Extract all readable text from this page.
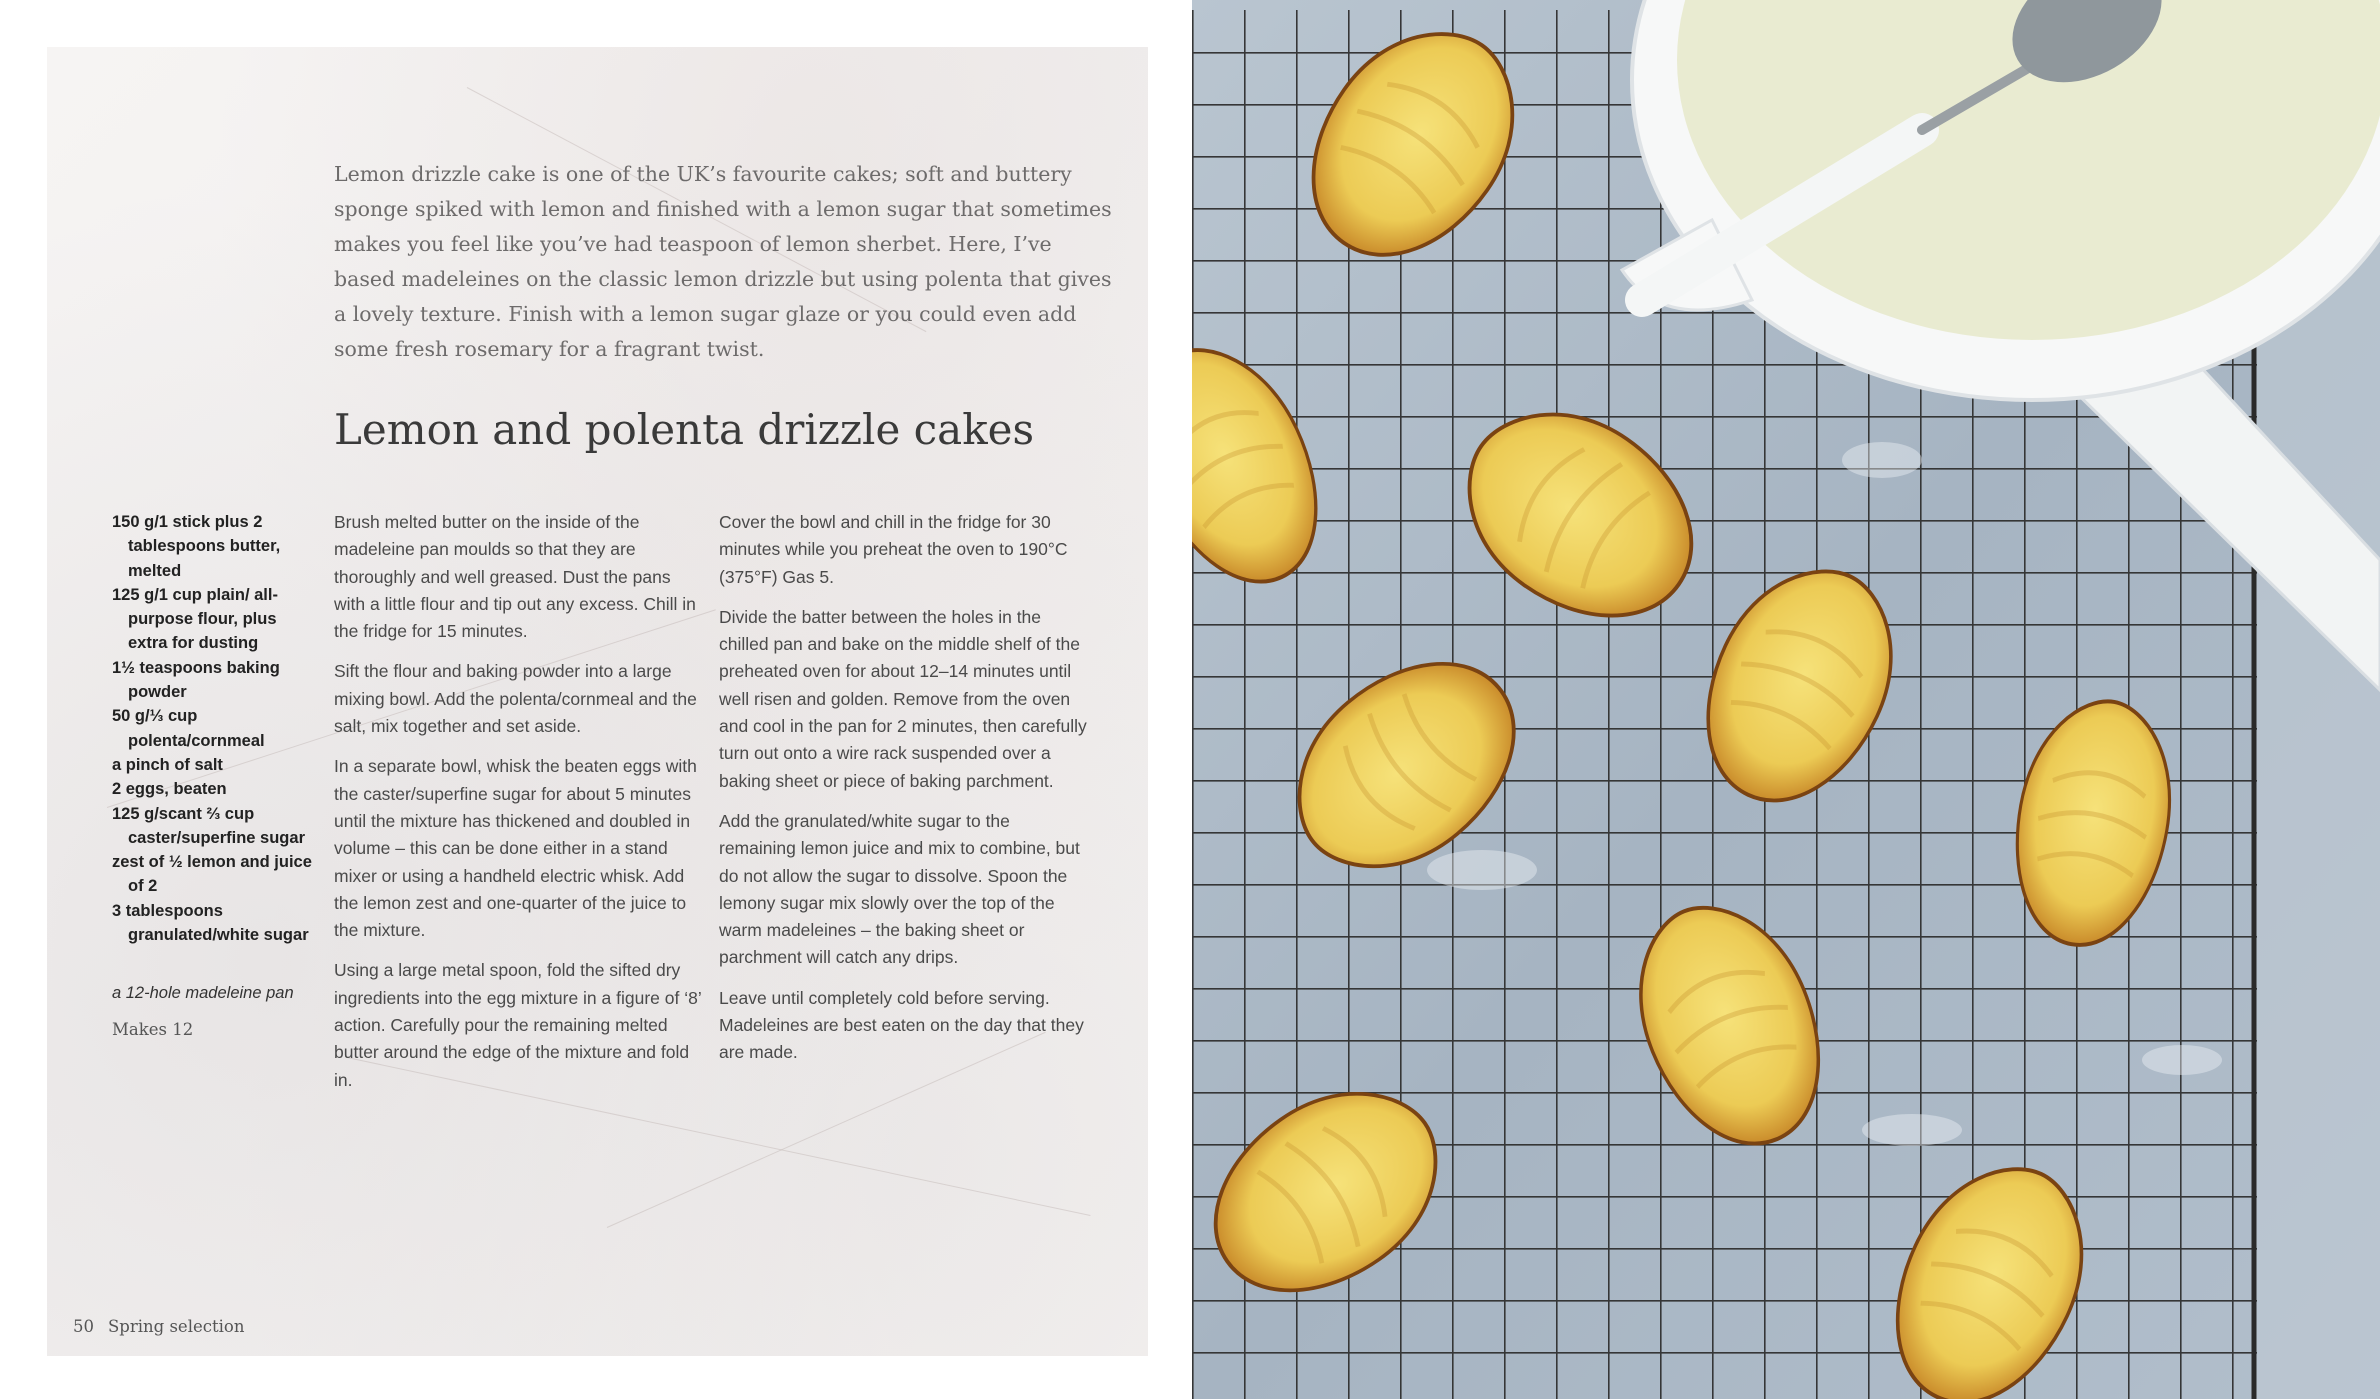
Lemon drizzle cake is one of the UK’s favourite cakes; soft and buttery sponge spiked with lemon and finished with a lemon sugar that sometimes makes you feel like you’ve had teaspoon of lemon sherbet. Here, I’ve based madeleines on the classic lemon drizzle but using polenta that gives a lovely texture. Finish with a lemon sugar glaze or you could even add some fresh rosemary for a fragrant twist.

Lemon and polenta drizzle cakes
150 g/1 stick plus 2 tablespoons butter, melted
125 g/1 cup plain/ all-purpose flour, plus extra for dusting
1½ teaspoons baking powder
50 g/⅓ cup polenta/cornmeal
a pinch of salt
2 eggs, beaten
125 g/scant ⅔ cup caster/superfine sugar
zest of ½ lemon and juice of 2
3 tablespoons granulated/white sugar

a 12-hole madeleine pan

Makes 12

Brush melted butter on the inside of the madeleine pan moulds so that they are thoroughly and well greased. Dust the pans with a little flour and tip out any excess. Chill in the fridge for 15 minutes.

Sift the flour and baking powder into a large mixing bowl. Add the polenta/cornmeal and the salt, mix together and set aside.

In a separate bowl, whisk the beaten eggs with the caster/superfine sugar for about 5 minutes until the mixture has thickened and doubled in volume – this can be done either in a stand mixer or using a handheld electric whisk. Add the lemon zest and one-quarter of the juice to the mixture.

Using a large metal spoon, fold the sifted dry ingredients into the egg mixture in a figure of ‘8’ action. Carefully pour the remaining melted butter around the edge of the mixture and fold in.

Cover the bowl and chill in the fridge for 30 minutes while you preheat the oven to 190°C (375°F) Gas 5.

Divide the batter between the holes in the chilled pan and bake on the middle shelf of the preheated oven for about 12–14 minutes until well risen and golden. Remove from the oven and cool in the pan for 2 minutes, then carefully turn out onto a wire rack suspended over a baking sheet or piece of baking parchment.

Add the granulated/white sugar to the remaining lemon juice and mix to combine, but do not allow the sugar to dissolve. Spoon the lemony sugar mix slowly over the top of the warm madeleines – the baking sheet or parchment will catch any drips.

Leave until completely cold before serving. Madeleines are best eaten on the day that they are made.

50 Spring selection
